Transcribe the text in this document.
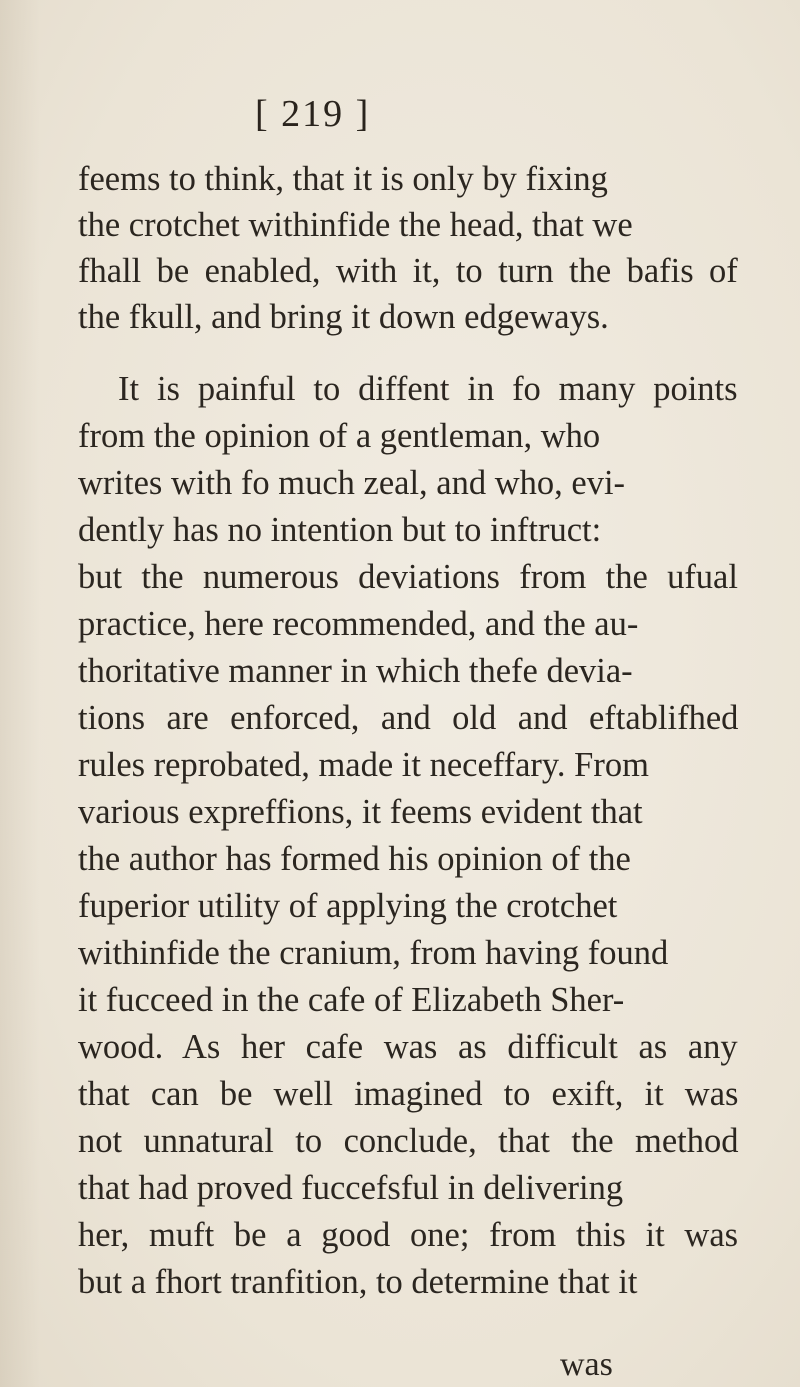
[ 219 ]
feems to think, that it is only by fixing
the crotchet withinfide the head, that we
fhall be enabled, with it, to turn the bafis of
the fkull, and bring it down edgeways.
It is painful to diffent in fo many points
from the opinion of a gentleman, who
writes with fo much zeal, and who, evi-
dently has no intention but to inftruct:
but the numerous deviations from the ufual
practice, here recommended, and the au-
thoritative manner in which thefe devia-
tions are enforced, and old and eftablifhed
rules reprobated, made it neceffary. From
various expreffions, it feems evident that
the author has formed his opinion of the
fuperior utility of applying the crotchet
withinfide the cranium, from having found
it fucceed in the cafe of Elizabeth Sher-
wood. As her cafe was as difficult as any
that can be well imagined to exift, it was
not unnatural to conclude, that the method
that had proved fuccefsful in delivering
her, muft be a good one; from this it was
but a fhort tranfition, to determine that it
was
